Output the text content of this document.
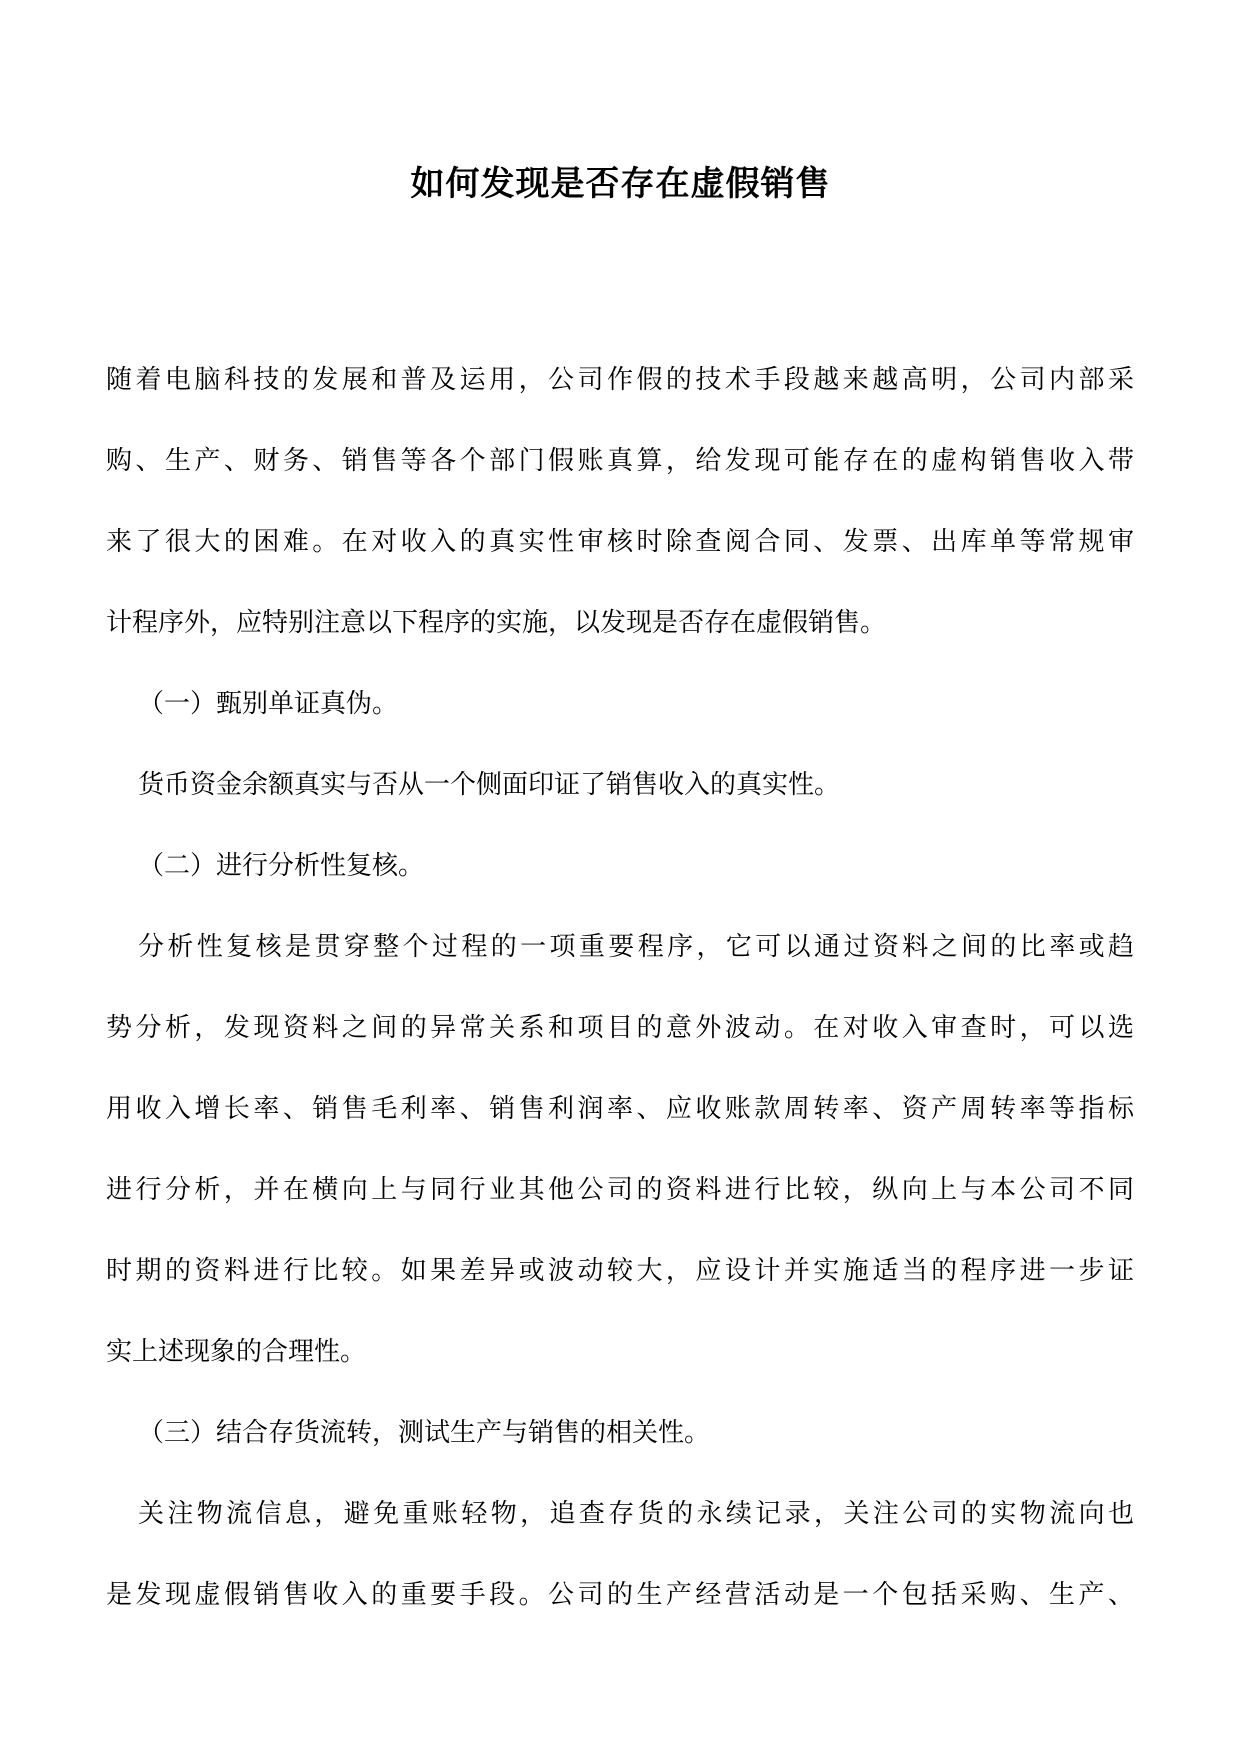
如何发现是否存在虚假销售

随着电脑科技的发展和普及运用，公司作假的技术手段越来越高明，公司内部采
购、生产、财务、销售等各个部门假账真算，给发现可能存在的虚构销售收入带
来了很大的困难。在对收入的真实性审核时除查阅合同、发票、出库单等常规审
计程序外，应特别注意以下程序的实施，以发现是否存在虚假销售。

（一）甄别单证真伪。

货币资金余额真实与否从一个侧面印证了销售收入的真实性。

（二）进行分析性复核。

分析性复核是贯穿整个过程的一项重要程序，它可以通过资料之间的比率或趋
势分析，发现资料之间的异常关系和项目的意外波动。在对收入审查时，可以选
用收入增长率、销售毛利率、销售利润率、应收账款周转率、资产周转率等指标
进行分析，并在横向上与同行业其他公司的资料进行比较，纵向上与本公司不同
时期的资料进行比较。如果差异或波动较大，应设计并实施适当的程序进一步证
实上述现象的合理性。

（三）结合存货流转，测试生产与销售的相关性。

关注物流信息，避免重账轻物，追查存货的永续记录，关注公司的实物流向也
是发现虚假销售收入的重要手段。公司的生产经营活动是一个包括采购、生产、
